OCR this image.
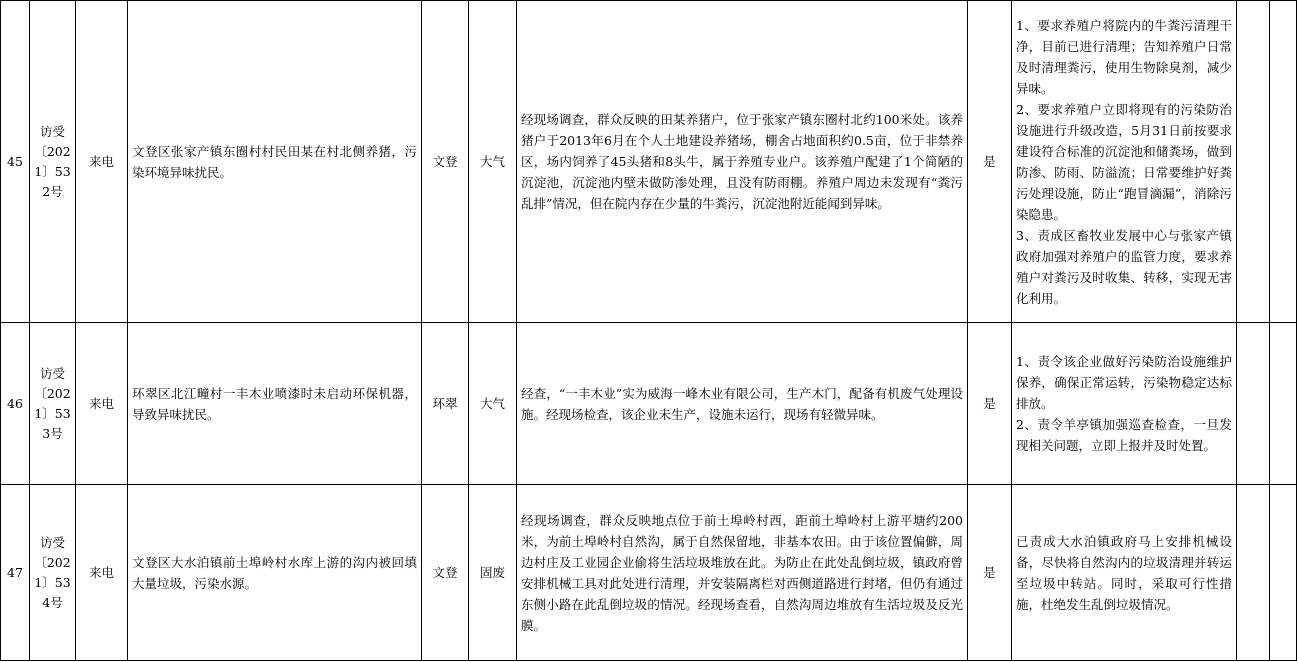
45	访受〔2021〕532号	来电	文登区张家产镇东圈村村民田某在村北侧养猪，污染环境异味扰民。	文登	大气	经现场调查，群众反映的田某养猪户，位于张家产镇东圈村北约100米处。该养猪户于2013年6月在个人土地建设养猪场，棚舍占地面积约0.5亩，位于非禁养区，场内饲养了45头猪和8头牛，属于养殖专业户。该养殖户配建了1个简陋的沉淀池，沉淀池内壁未做防渗处理，且没有防雨棚。养殖户周边未发现有“粪污乱排”情况，但在院内存在少量的牛粪污，沉淀池附近能闻到异味。	是	1、要求养殖户将院内的牛粪污清理干净，目前已进行清理；告知养殖户日常及时清理粪污，使用生物除臭剂，减少异味。
2、要求养殖户立即将现有的污染防治设施进行升级改造，5月31日前按要求建设符合标准的沉淀池和储粪场，做到防渗、防雨、防溢流；日常要维护好粪污处理设施，防止“跑冒滴漏”，消除污染隐患。
3、责成区畜牧业发展中心与张家产镇政府加强对养殖户的监管力度，要求养殖户对粪污及时收集、转移，实现无害化利用。		
46	访受〔2021〕533号	来电	环翠区北江疃村一丰木业喷漆时未启动环保机器，导致异味扰民。	环翠	大气	经查，“一丰木业”实为威海一峰木业有限公司，生产木门，配备有机废气处理设施。经现场检查，该企业未生产，设施未运行，现场有轻微异味。	是	1、责令该企业做好污染防治设施维护保养，确保正常运转，污染物稳定达标排放。
2、责令羊亭镇加强巡查检查，一旦发现相关问题，立即上报并及时处置。		
47	访受〔2021〕534号	来电	文登区大水泊镇前土埠岭村水库上游的沟内被回填大量垃圾，污染水源。	文登	固废	经现场调查，群众反映地点位于前土埠岭村西，距前土埠岭村上游平塘约200米，为前土埠岭村自然沟，属于自然保留地，非基本农田。由于该位置偏僻，周边村庄及工业园企业偷将生活垃圾堆放在此。为防止在此处乱倒垃圾，镇政府曾安排机械工具对此处进行清理，并安装隔离栏对西侧道路进行封堵，但仍有通过东侧小路在此乱倒垃圾的情况。经现场查看，自然沟周边堆放有生活垃圾及反光膜。	是	已责成大水泊镇政府马上安排机械设备，尽快将自然沟内的垃圾清理并转运至垃圾中转站。同时，采取可行性措施，杜绝发生乱倒垃圾情况。		
